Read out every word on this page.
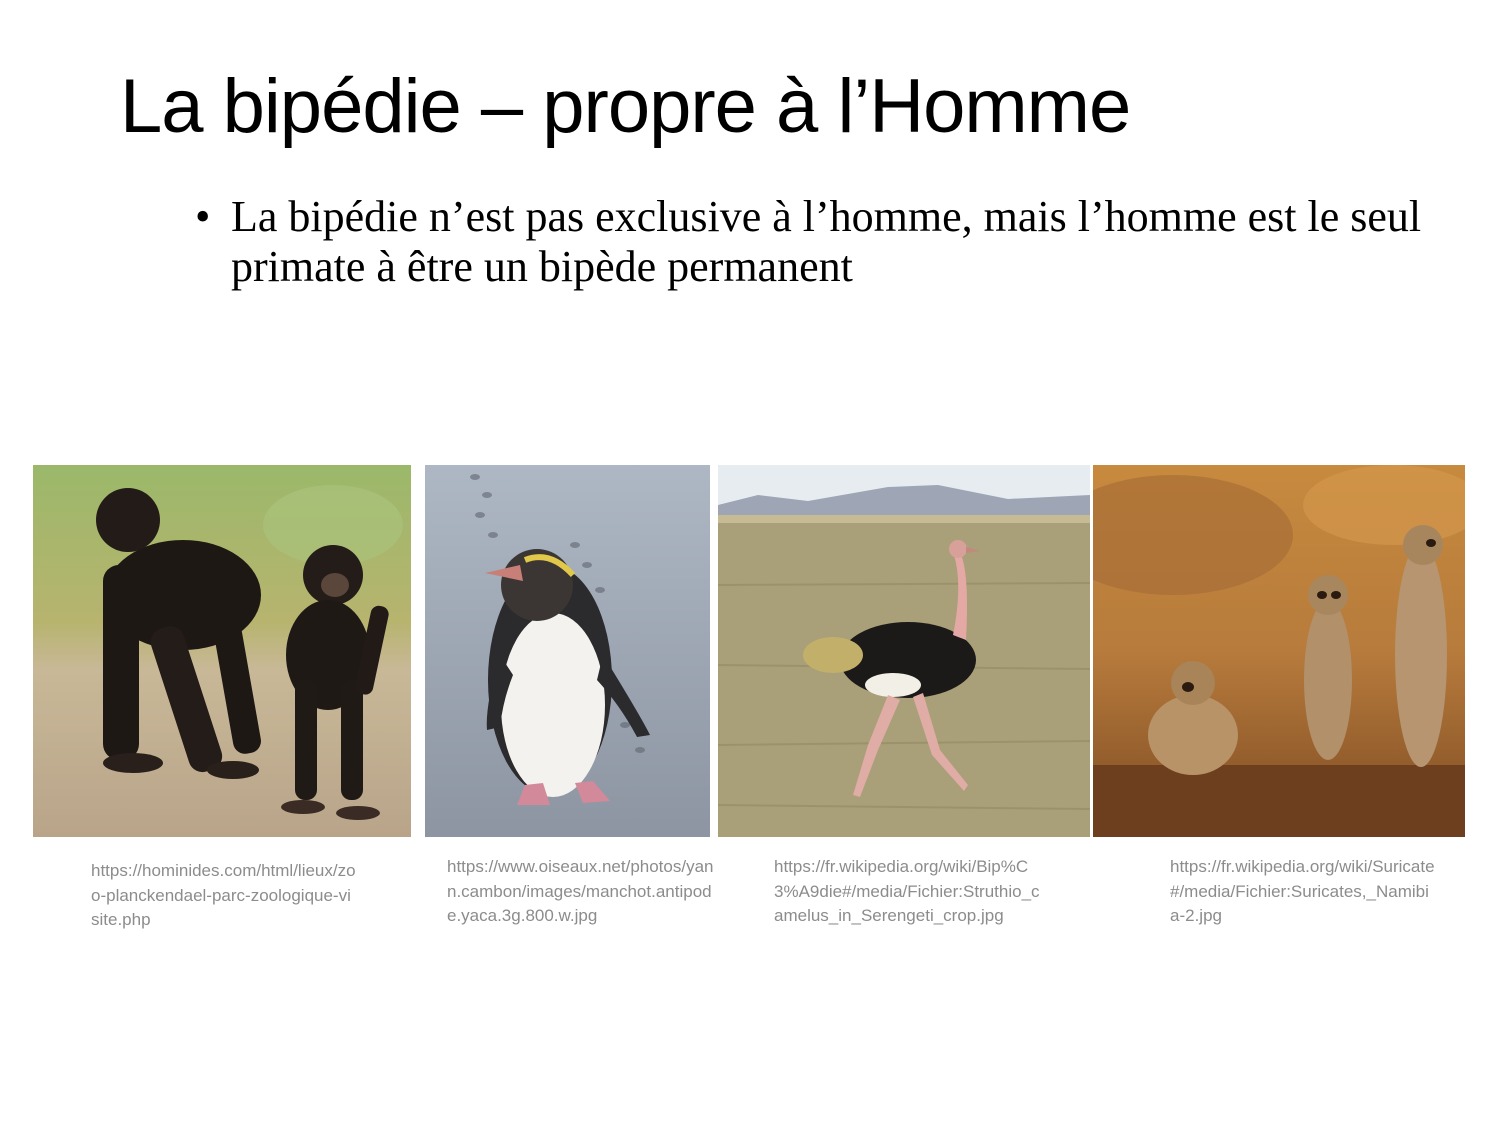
La bipédie – propre à l’Homme
• La bipédie n’est pas exclusive à l’homme, mais l’homme est le seul primate à être un bipède permanent

https://hominides.com/html/lieux/zoo-planckendael-parc-zoologique-visite.php

https://www.oiseaux.net/photos/yann.cambon/images/manchot.antipode.yaca.3g.800.w.jpg

https://fr.wikipedia.org/wiki/Bip%C3%A9die#/media/Fichier:Struthio_camelus_in_Serengeti_crop.jpg

https://fr.wikipedia.org/wiki/Suricate#/media/Fichier:Suricates,_Namibia-2.jpg
